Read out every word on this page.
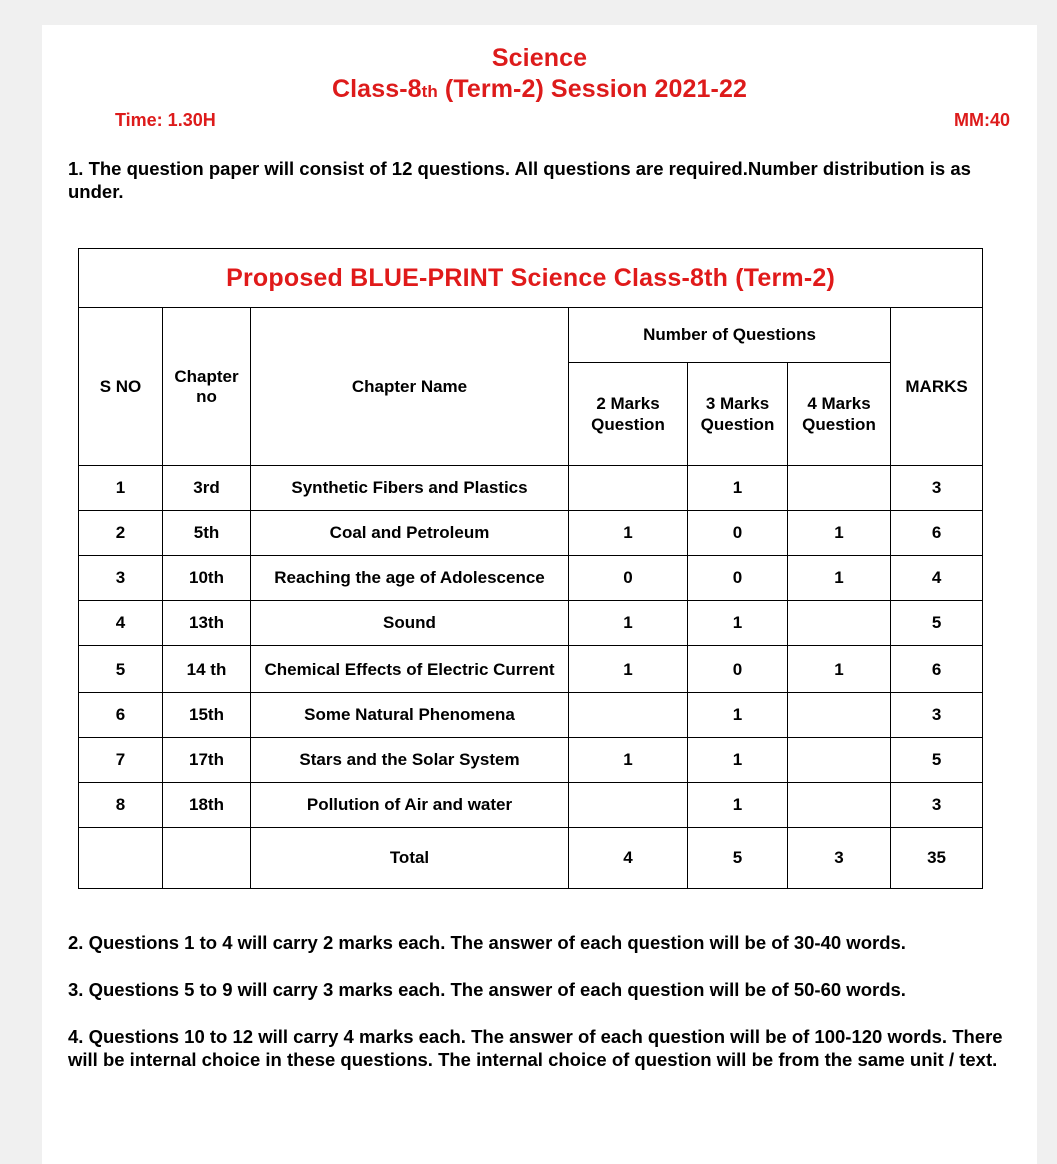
Science
Class-8th (Term-2) Session 2021-22
Time: 1.30H	MM:40

1. The question paper will consist of 12 questions. All questions are required.Number distribution is as under.

Proposed BLUE-PRINT Science Class-8th (Term-2)						
S NO	Chapter no	Chapter Name	Number of Questions			MARKS
			2 Marks Question	3 Marks Question	4 Marks Question	
1	3rd	Synthetic Fibers and Plastics		1		3
2	5th	Coal and Petroleum	1	0	1	6
3	10th	Reaching the age of Adolescence	0	0	1	4
4	13th	Sound	1	1		5
5	14 th	Chemical Effects of Electric Current	1	0	1	6
6	15th	Some Natural Phenomena		1		3
7	17th	Stars and the Solar System	1	1		5
8	18th	Pollution of Air and water		1		3
		Total	4	5	3	35

2. Questions 1 to 4 will carry 2 marks each. The answer of each question will be of 30-40 words.

3. Questions 5 to 9 will carry 3 marks each. The answer of each question will be of 50-60 words.

4. Questions 10 to 12 will carry 4 marks each. The answer of each question will be of 100-120 words. There will be internal choice in these questions. The internal choice of question will be from the same unit / text.
